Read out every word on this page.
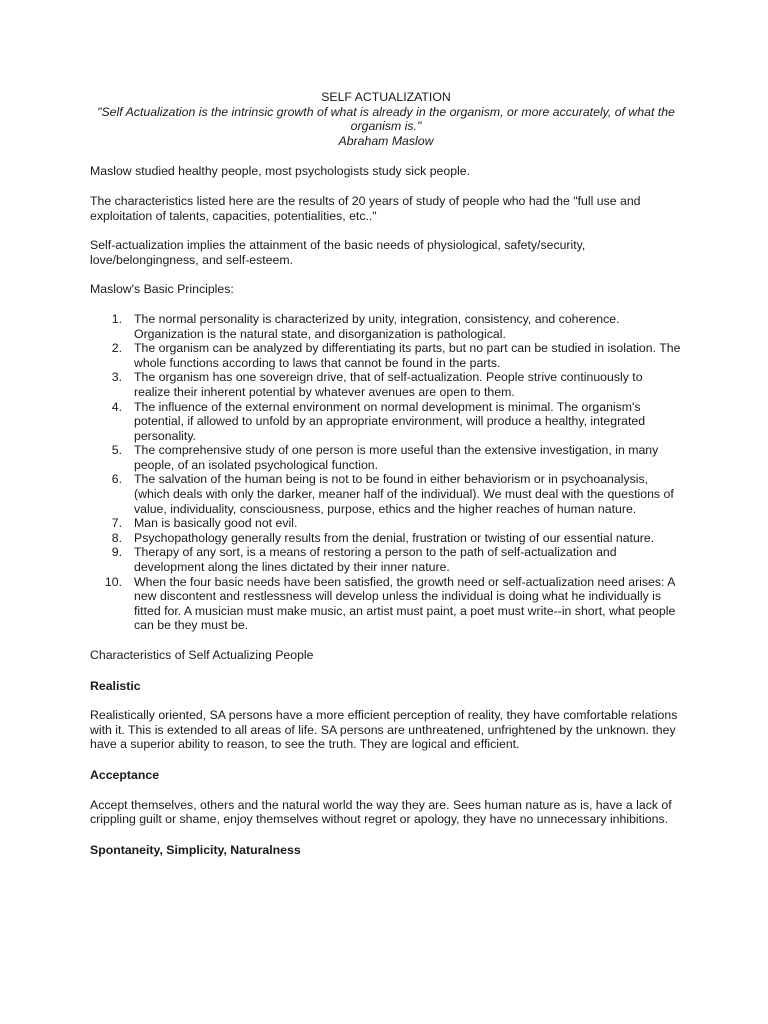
SELF ACTUALIZATION

"Self Actualization is the intrinsic growth of what is already in the organism, or more accurately, of what the organism is."

Abraham Maslow

Maslow studied healthy people, most psychologists study sick people.

The characteristics listed here are the results of 20 years of study of people who had the "full use and exploitation of talents, capacities, potentialities, etc.."

Self-actualization implies the attainment of the basic needs of physiological, safety/security, love/belongingness, and self-esteem.

Maslow's Basic Principles:

1. The normal personality is characterized by unity, integration, consistency, and coherence. Organization is the natural state, and disorganization is pathological.
2. The organism can be analyzed by differentiating its parts, but no part can be studied in isolation. The whole functions according to laws that cannot be found in the parts.
3. The organism has one sovereign drive, that of self-actualization. People strive continuously to realize their inherent potential by whatever avenues are open to them.
4. The influence of the external environment on normal development is minimal. The organism's potential, if allowed to unfold by an appropriate environment, will produce a healthy, integrated personality.
5. The comprehensive study of one person is more useful than the extensive investigation, in many people, of an isolated psychological function.
6. The salvation of the human being is not to be found in either behaviorism or in psychoanalysis, (which deals with only the darker, meaner half of the individual). We must deal with the questions of value, individuality, consciousness, purpose, ethics and the higher reaches of human nature.
7. Man is basically good not evil.
8. Psychopathology generally results from the denial, frustration or twisting of our essential nature.
9. Therapy of any sort, is a means of restoring a person to the path of self-actualization and development along the lines dictated by their inner nature.
10. When the four basic needs have been satisfied, the growth need or self-actualization need arises: A new discontent and restlessness will develop unless the individual is doing what he individually is fitted for. A musician must make music, an artist must paint, a poet must write--in short, what people can be they must be.

Characteristics of Self Actualizing People

Realistic

Realistically oriented, SA persons have a more efficient perception of reality, they have comfortable relations with it. This is extended to all areas of life. SA persons are unthreatened, unfrightened by the unknown. they have a superior ability to reason, to see the truth. They are logical and efficient.

Acceptance

Accept themselves, others and the natural world the way they are. Sees human nature as is, have a lack of crippling guilt or shame, enjoy themselves without regret or apology, they have no unnecessary inhibitions.

Spontaneity, Simplicity, Naturalness
